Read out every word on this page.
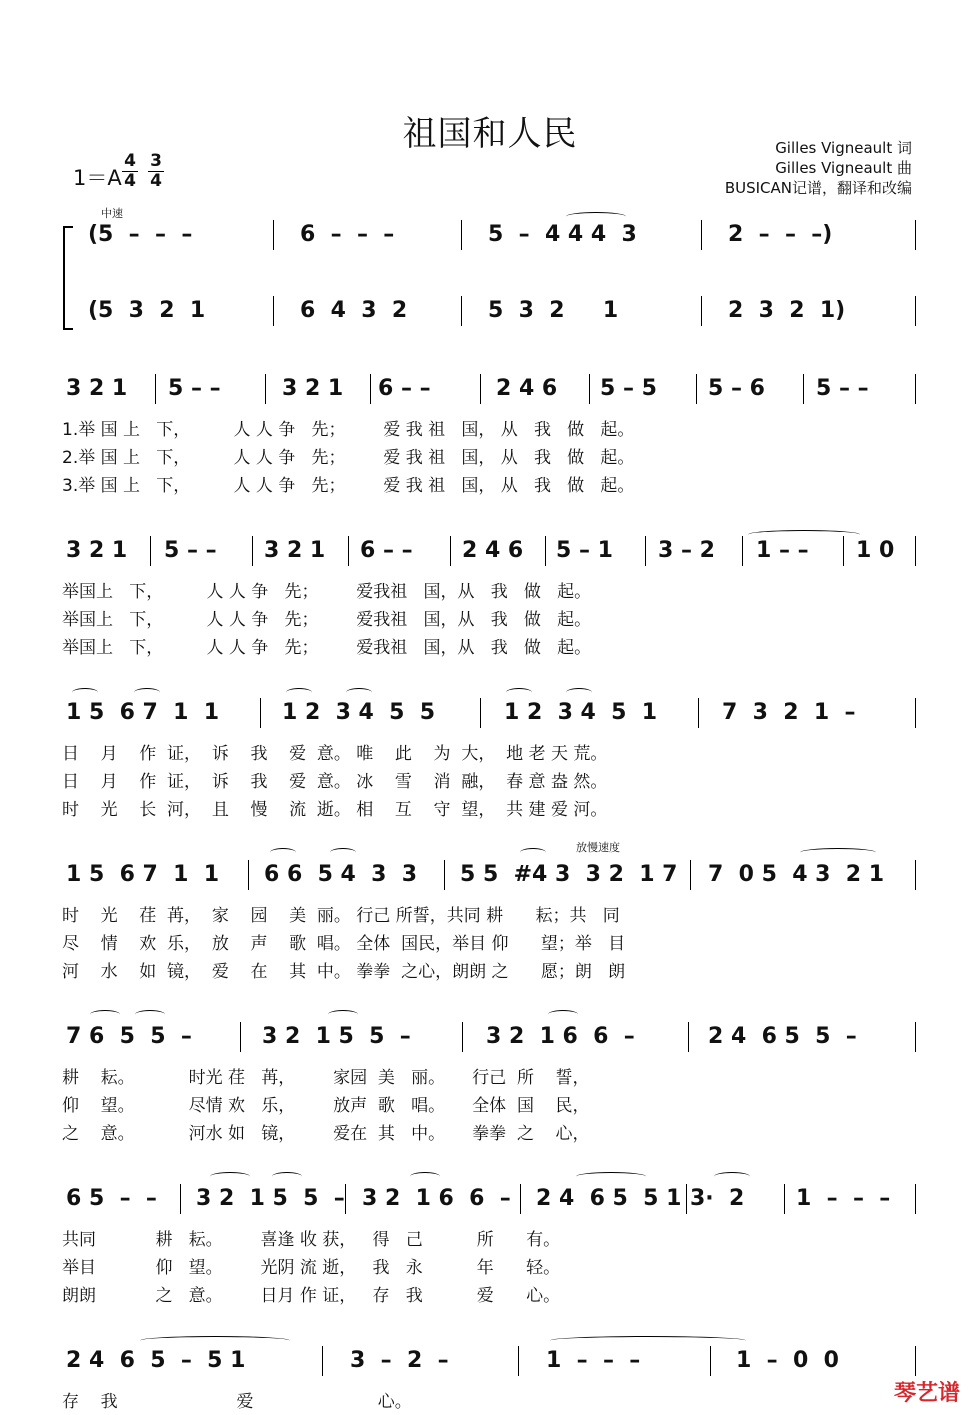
祖国和人民	Gilles Vigneault 词
Gilles Vigneault 曲
BUSICAN记谱，翻译和改编
1＝A
4
4
3
4
中速
放慢速度
(5  –  –  –	6  –  –  –	5  –  4 4 4  3	2  –  –  –)
(5  3  2  1	6  4  3  2	5  3  2     1	2  3  2  1)
3 2 1 5 – –	3 2 1 6 – –	2 4 6 5 – 5 5 – 6 5 – –
1.举 国 上   下，        人 人 争   先；       爱 我 祖   国， 从   我   做   起。
2.举 国 上   下，        人 人 争   先；       爱 我 祖   国， 从   我   做   起。
3.举 国 上   下，        人 人 争   先；       爱 我 祖   国， 从   我   做   起。
3 2 1 5 – – 3 2 1 6 – – 2 4 6 5 – 1 3 – 2 1 – – 1 0
举国上   下，        人 人 争   先；       爱我祖   国，从   我   做   起。
举国上   下，        人 人 争   先；       爱我祖   国，从   我   做   起。
举国上   下，        人 人 争   先；       爱我祖   国，从   我   做   起。
1 5  6 7  1  1	1 2  3 4  5  5	1 2  3 4  5  1	7  3  2  1  –
日    月    作  证，  诉    我    爱  意。 唯    此    为  大，  地 老 天 荒。
日    月    作  证，  诉    我    爱  意。 冰    雪    消  融，  春 意 盎 然。
时    光    长  河，  且    慢    流  逝。 相    互    守  望，  共 建 爱 河。
1 5  6 7  1  1 6 6  5 4  3  3 5 5  #4 3  3 2  1 7 7  0 5  4 3  2 1
时    光    荏  苒，  家    园    美  丽。 行己 所誓，共同 耕      耘；共   同
尽    情    欢  乐，  放    声    歌  唱。 全体  国民，举目 仰      望；举   目
河    水    如  镜，  爱    在    其  中。 拳拳  之心，朗朗 之      愿；朗   朗
7 6  5  5  –	3 2  1 5  5  –	3 2  1 6  6  –	2 4  6 5  5  –
耕    耘。          时光 荏   苒，       家园  美   丽。     行己  所    誓，
仰    望。          尽情 欢   乐，       放声  歌   唱。     全体  国    民，
之    意。          河水 如   镜，       爱在  其   中。     拳拳  之    心，
6 5  –  – 3 2  1 5  5  – 3 2  1 6  6  – 2 4  6 5  5 1 3·  2 1  –  –  –
共同           耕   耘。       喜逢 收 获，   得   己          所      有。
举目           仰   望。       光阴 流 逝，   我   永          年      轻。
朗朗           之   意。       日月 作 证，   存   我          爱      心。
2 4  6  5  –  5 1	3  –  2  –	1  –  –  –	1  –  0  0
存    我                      爱                       心。	琴艺谱
